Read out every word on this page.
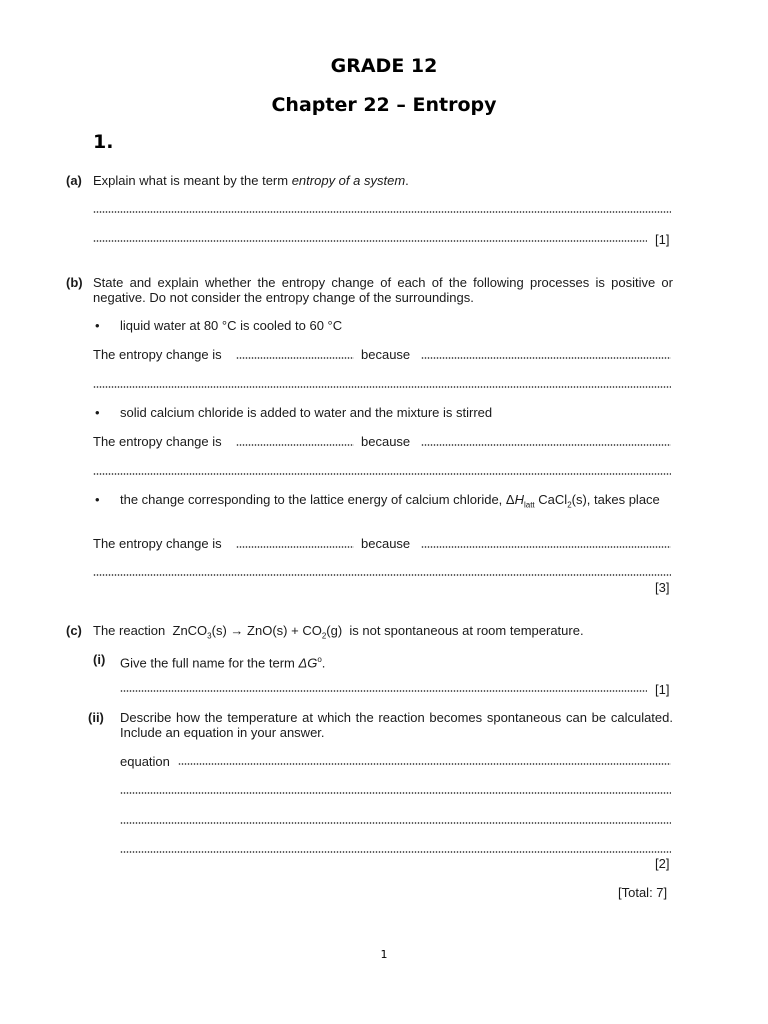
GRADE 12
Chapter 22 – Entropy
1.
(a) Explain what is meant by the term entropy of a system.
[1]
(b) State and explain whether the entropy change of each of the following processes is positive or negative. Do not consider the entropy change of the surroundings.
• liquid water at 80 °C is cooled to 60 °C
The entropy change is	because
• solid calcium chloride is added to water and the mixture is stirred
The entropy change is	because
• the change corresponding to the lattice energy of calcium chloride, $\Delta H_{latt}$ CaCl$_2$(s), takes place
The entropy change is	because
[3]
(c) The reaction ZnCO$_3$(s) → $ZnO(s) + CO_2(g)$ is not spontaneous at room temperature.
(i) Give the full name for the term $\Delta G^o$.
[1]
(ii) Describe how the temperature at which the reaction becomes spontaneous can be calculated. Include an equation in your answer.
equation
[2]
[Total: 7]
1
